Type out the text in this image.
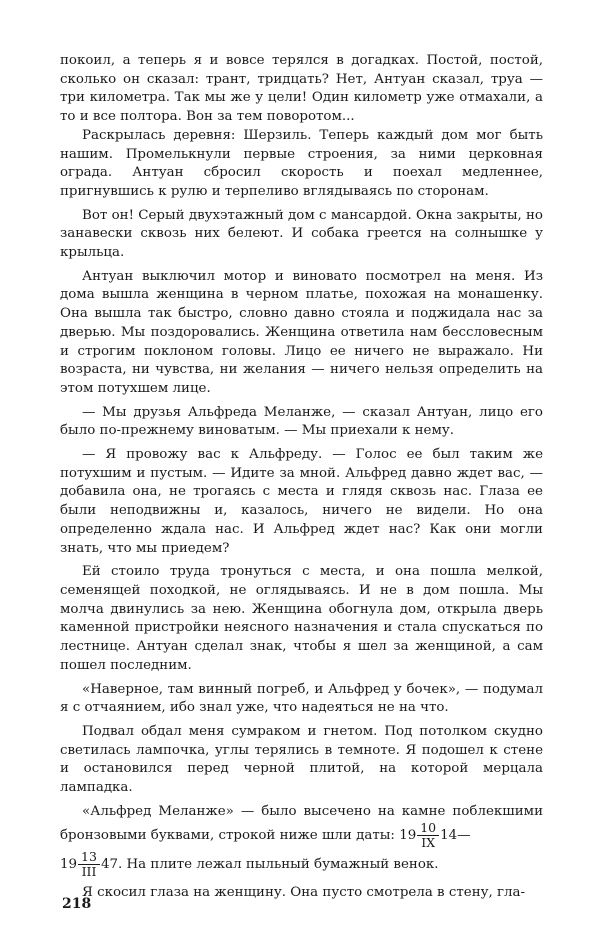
покоил, а теперь я и вовсе терялся в догадках. Постой, постой, сколько он сказал: трант, тридцать? Нет, Антуан сказал, труа — три километра. Так мы же у цели! Один километр уже отмахали, а то и все полтора. Вон за тем поворотом...

Раскрылась деревня: Шерзиль. Теперь каждый дом мог быть нашим. Промелькнули первые строения, за ними церковная ограда. Антуан сбросил скорость и поехал медленнее, пригнувшись к рулю и терпеливо вглядываясь по сторонам.

Вот он! Серый двухэтажный дом с мансардой. Окна закрыты, но занавески сквозь них белеют. И собака греется на солнышке у крыльца.

Антуан выключил мотор и виновато посмотрел на меня. Из дома вышла женщина в черном платье, похожая на монашенку. Она вышла так быстро, словно давно стояла и поджидала нас за дверью. Мы поздоровались. Женщина ответила нам бессловесным и строгим поклоном головы. Лицо ее ничего не выражало. Ни возраста, ни чувства, ни желания — ничего нельзя определить на этом потухшем лице.

— Мы друзья Альфреда Меланже, — сказал Антуан, лицо его было по-прежнему виноватым. — Мы приехали к нему.

— Я провожу вас к Альфреду. — Голос ее был таким же потухшим и пустым. — Идите за мной. Альфред давно ждет вас, — добавила она, не трогаясь с места и глядя сквозь нас. Глаза ее были неподвижны и, казалось, ничего не видели. Но она определенно ждала нас. И Альфред ждет нас? Как они могли знать, что мы приедем?

Ей стоило труда тронуться с места, и она пошла мелкой, семенящей походкой, не оглядываясь. И не в дом пошла. Мы молча двинулись за нею. Женщина обогнула дом, открыла дверь каменной пристройки неясного назначения и стала спускаться по лестнице. Антуан сделал знак, чтобы я шел за женщиной, а сам пошел последним.

«Наверное, там винный погреб, и Альфред у бочек», — подумал я с отчаянием, ибо знал уже, что надеяться не на что.

Подвал обдал меня сумраком и гнетом. Под потолком скудно светилась лампочка, углы терялись в темноте. Я подошел к стене и остановился перед черной плитой, на которой мерцала лампадка.

«Альфред Меланже» — было высечено на камне поблекшими бронзовыми буквами, строкой ниже шли даты: $19 \frac{10}{IX}$ 14—

$19 \frac{13}{\text{III}} 47$. На плите лежал пыльный бумажный венок.

Я скосил глаза на женщину. Она пусто смотрела в стену, гла-

218
